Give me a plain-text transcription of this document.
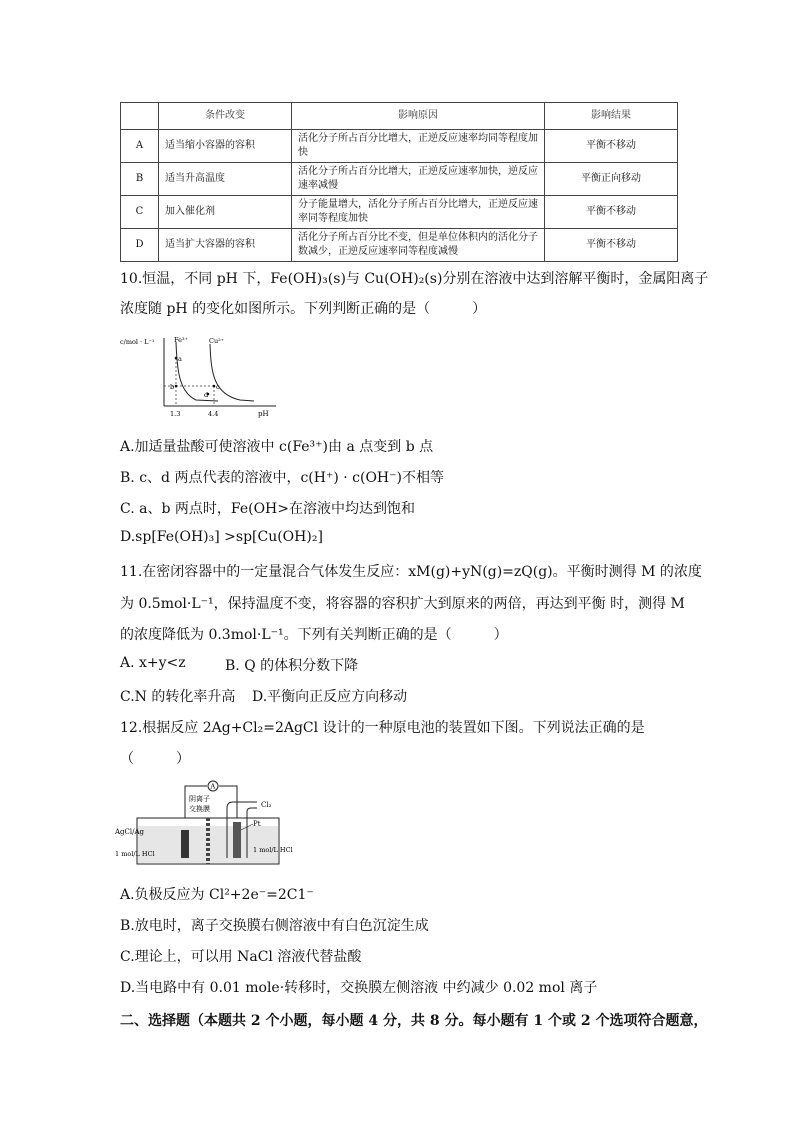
	条件改变	影响原因	影响结果
A	适当缩小容器的容积	活化分子所占百分比增大，正逆反应速率均同等程度加快	平衡不移动
B	适当升高温度	活化分子所占百分比增大，正逆反应速率加快，逆反应速率减慢	平衡正向移动
C	加入催化剂	分子能量增大，活化分子所占百分比增大，正逆反应速率同等程度加快	平衡不移动
D	适当扩大容器的容积	活化分子所占百分比不变，但是单位体积内的活化分子数减少，正逆反应速率同等程度减慢	平衡不移动
10.恒温，不同 pH 下，Fe(OH)₃(s)与 Cu(OH)₂(s)分别在溶液中达到溶解平衡时，金属阳离子
浓度随 pH 的变化如图所示。下列判断正确的是（　　　）
c/mol · L⁻¹
pH
Fe³⁺	Cu²⁺
a
b	c
d
1.3	4.4
A.加适量盐酸可使溶液中 c(Fe³⁺)由 a 点变到 b 点
B. c、d 两点代表的溶液中，c(H⁺) · c(OH⁻)不相等
C. a、b 两点时，Fe(OH>在溶液中均达到饱和
D.sp[Fe(OH)₃] >sp[Cu(OH)₂]
11.在密闭容器中的一定量混合气体发生反应：xM(g)+yN(g)=zQ(g)。平衡时测得 M 的浓度
为 0.5mol·L⁻¹，保持温度不变，将容器的容积扩大到原来的两倍，再达到平衡 时，测得 M
的浓度降低为 0.3mol·L⁻¹。下列有关判断正确的是（　　　）
A. x+y<z	B. Q 的体积分数下降
C.N 的转化率升高 D.平衡向正反应方向移动
12.根据反应 2Ag+Cl₂=2AgCl 设计的一种原电池的装置如下图。下列说法正确的是
（　　　）
A
Cl₂
Pt
阴离子
交换膜
AgCl/Ag
1 mol/L HCl	1 mol/L HCl
A.负极反应为 Cl²+2e⁻=2C1⁻
B.放电时，离子交换膜右侧溶液中有白色沉淀生成
C.理论上，可以用 NaCl 溶液代替盐酸
D.当电路中有 0.01 mole·转移时，交换膜左侧溶液 中约减少 0.02 mol 离子
二、选择题（本题共 2 个小题，每小题 4 分，共 8 分。每小题有 1 个或 2 个选项符合题意，
